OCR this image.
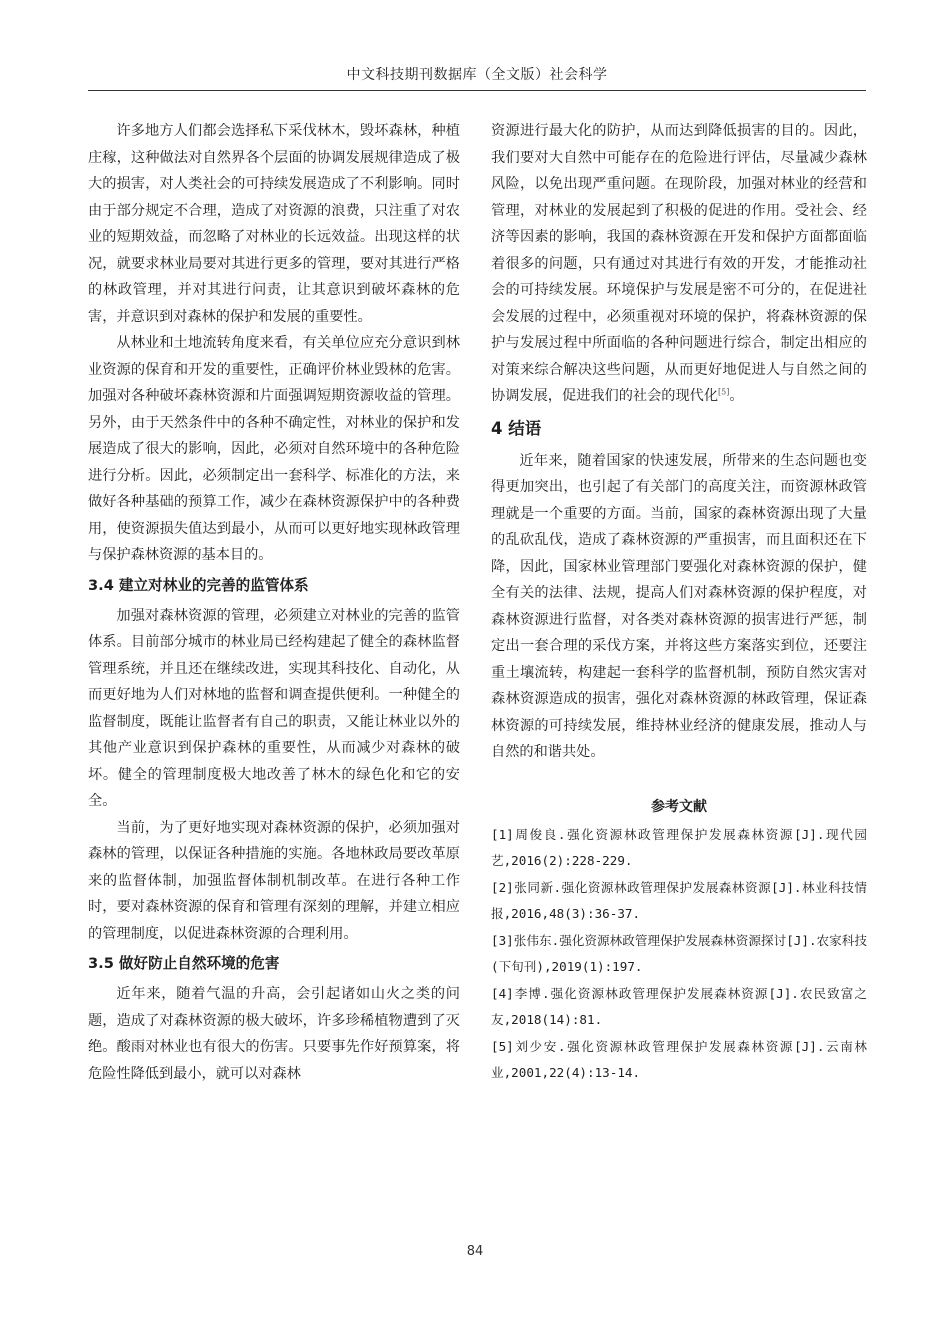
中文科技期刊数据库（全文版）社会科学

许多地方人们都会选择私下采伐林木，毁坏森林，种植庄稼，这种做法对自然界各个层面的协调发展规律造成了极大的损害，对人类社会的可持续发展造成了不利影响。同时由于部分规定不合理，造成了对资源的浪费，只注重了对农业的短期效益，而忽略了对林业的长远效益。出现这样的状况，就要求林业局要对其进行更多的管理，要对其进行严格的林政管理，并对其进行问责，让其意识到破坏森林的危害，并意识到对森林的保护和发展的重要性。

从林业和土地流转角度来看，有关单位应充分意识到林业资源的保育和开发的重要性，正确评价林业毁林的危害。加强对各种破坏森林资源和片面强调短期资源收益的管理。另外，由于天然条件中的各种不确定性，对林业的保护和发展造成了很大的影响，因此，必须对自然环境中的各种危险进行分析。因此，必须制定出一套科学、标准化的方法，来做好各种基础的预算工作，减少在森林资源保护中的各种费用，使资源损失值达到最小，从而可以更好地实现林政管理与保护森林资源的基本目的。

3.4 建立对林业的完善的监管体系

加强对森林资源的管理，必须建立对林业的完善的监管体系。目前部分城市的林业局已经构建起了健全的森林监督管理系统，并且还在继续改进，实现其科技化、自动化，从而更好地为人们对林地的监督和调查提供便利。一种健全的监督制度，既能让监督者有自己的职责，又能让林业以外的其他产业意识到保护森林的重要性，从而减少对森林的破坏。健全的管理制度极大地改善了林木的绿色化和它的安全。

当前，为了更好地实现对森林资源的保护，必须加强对森林的管理，以保证各种措施的实施。各地林政局要改革原来的监督体制，加强监督体制机制改革。在进行各种工作时，要对森林资源的保育和管理有深刻的理解，并建立相应的管理制度，以促进森林资源的合理利用。

3.5 做好防止自然环境的危害

近年来，随着气温的升高，会引起诸如山火之类的问题，造成了对森林资源的极大破坏，许多珍稀植物遭到了灭绝。酸雨对林业也有很大的伤害。只要事先作好预算案，将危险性降低到最小，就可以对森林

资源进行最大化的防护，从而达到降低损害的目的。因此，我们要对大自然中可能存在的危险进行评估，尽量减少森林风险，以免出现严重问题。在现阶段，加强对林业的经营和管理，对林业的发展起到了积极的促进的作用。受社会、经济等因素的影响，我国的森林资源在开发和保护方面都面临着很多的问题，只有通过对其进行有效的开发，才能推动社会的可持续发展。环境保护与发展是密不可分的，在促进社会发展的过程中，必须重视对环境的保护，将森林资源的保护与发展过程中所面临的各种问题进行综合，制定出相应的对策来综合解决这些问题，从而更好地促进人与自然之间的协调发展，促进我们的社会的现代化[5]。

4 结语

近年来，随着国家的快速发展，所带来的生态问题也变得更加突出，也引起了有关部门的高度关注，而资源林政管理就是一个重要的方面。当前，国家的森林资源出现了大量的乱砍乱伐，造成了森林资源的严重损害，而且面积还在下降，因此，国家林业管理部门要强化对森林资源的保护，健全有关的法律、法规，提高人们对森林资源的保护程度，对森林资源进行监督，对各类对森林资源的损害进行严惩，制定出一套合理的采伐方案，并将这些方案落实到位，还要注重土壤流转，构建起一套科学的监督机制，预防自然灾害对森林资源造成的损害，强化对森林资源的林政管理，保证森林资源的可持续发展，维持林业经济的健康发展，推动人与自然的和谐共处。

参考文献
[1]周俊良.强化资源林政管理保护发展森林资源[J].现代园艺,2016(2):228-229.
[2]张同新.强化资源林政管理保护发展森林资源[J].林业科技情报,2016,48(3):36-37.
[3]张伟东.强化资源林政管理保护发展森林资源探讨[J].农家科技(下旬刊),2019(1):197.
[4]李博.强化资源林政管理保护发展森林资源[J].农民致富之友,2018(14):81.
[5]刘少安.强化资源林政管理保护发展森林资源[J].云南林业,2001,22(4):13-14.
84
